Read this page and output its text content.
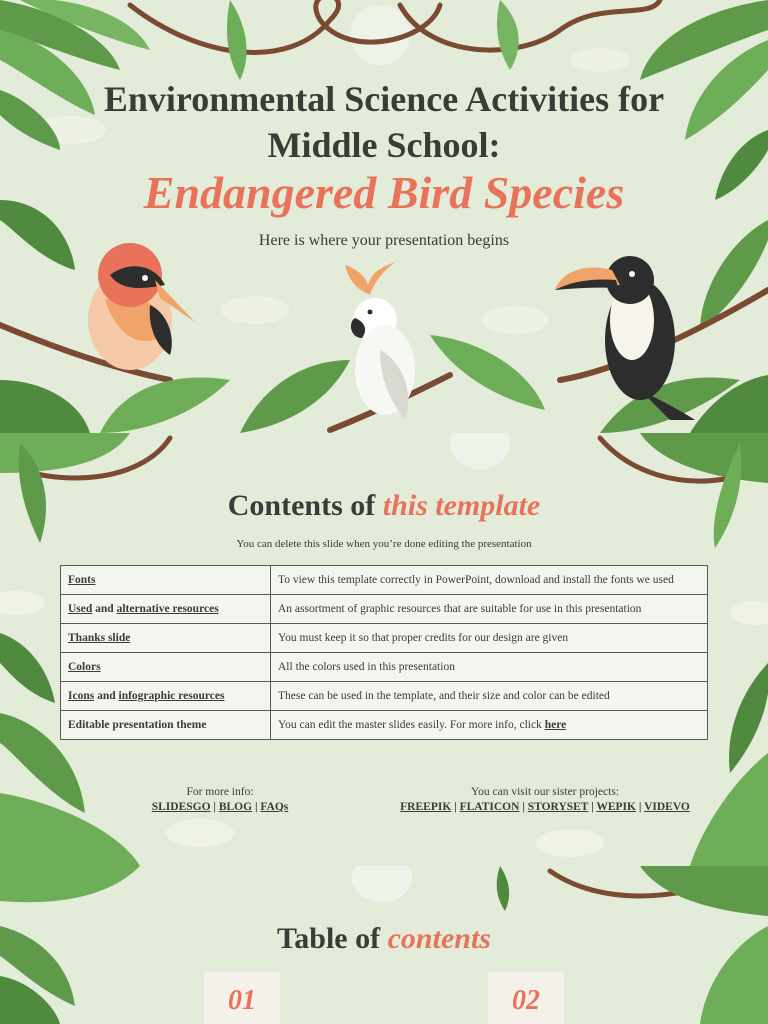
Environmental Science Activities for
Middle School:
Endangered Bird Species
Here is where your presentation begins
Contents of this template
You can delete this slide when you’re done editing the presentation
Fonts	To view this template correctly in PowerPoint, download and install the fonts we used
Used and alternative resources	An assortment of graphic resources that are suitable for use in this presentation
Thanks slide	You must keep it so that proper credits for our design are given
Colors	All the colors used in this presentation
Icons and infographic resources	These can be used in the template, and their size and color can be edited
Editable presentation theme	You can edit the master slides easily. For more info, click here
For more info:
SLIDESGO | BLOG | FAQs
You can visit our sister projects:
FREEPIK | FLATICON | STORYSET | WEPIK | VIDEVO
Table of contents
01	02
